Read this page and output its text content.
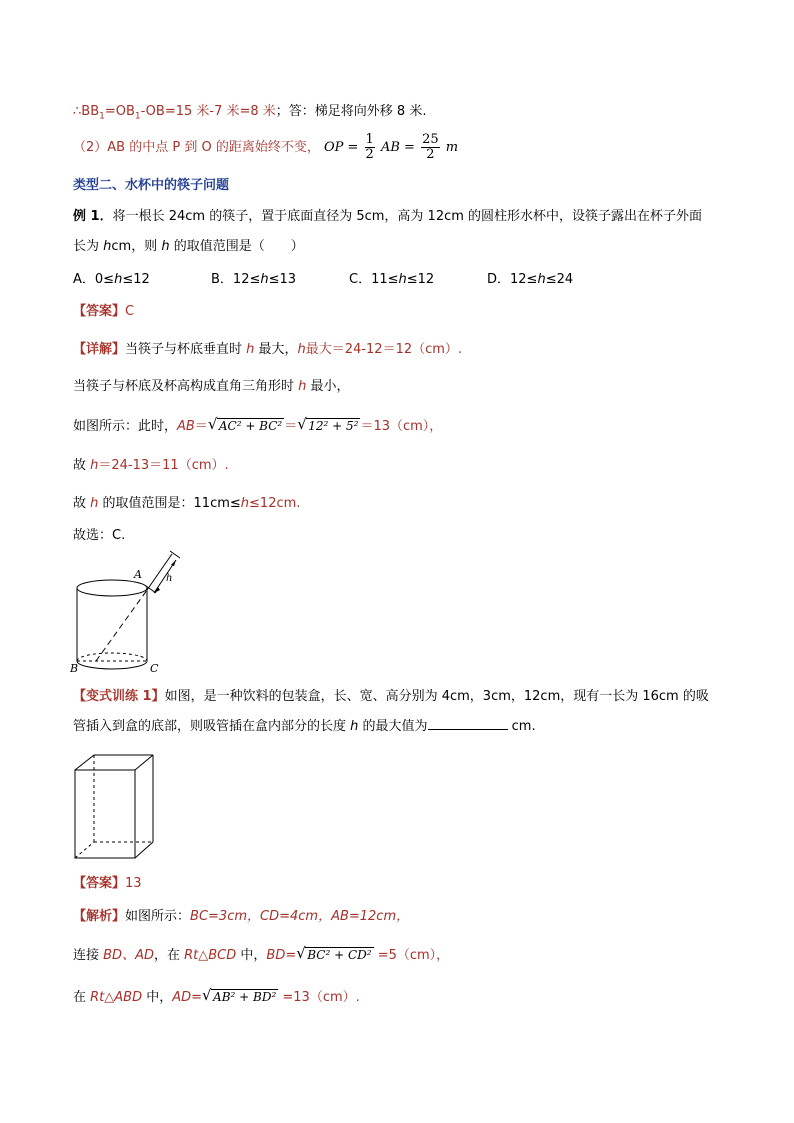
$\therefore BB_1=OB_1-OB=15$ 米-7 米=8 米；答：梯足将向外移 8 米.
（2）AB 的中点 P 到 O 的距离始终不变， OP = $\frac{1}{2}$ AB = $\frac{25}{2}$ m
类型二、水杯中的筷子问题
例 1．将一根长 24cm 的筷子，置于底面直径为 5cm，高为 12cm 的圆柱形水杯中，设筷子露出在杯子外面
长为 hcm，则 h 的取值范围是（　　）
A．0≤h≤12	B．12≤h≤13	C．11≤h≤12	D．12≤h≤24
【答案】C
【详解】当筷子与杯底垂直时 h 最大，h最大＝24-12＝12（cm）.
当筷子与杯底及杯高构成直角三角形时 h 最小，
如图所示：此时，AB＝ √ AC² + BC² ＝ √ 12² + 5² ＝13（cm），
故 h＝24-13＝11（cm）.
故 h 的取值范围是：11cm≤h≤12cm.
故选：C.
A h
B	C
【变式训练 1】如图，是一种饮料的包装盒，长、宽、高分别为 4cm，3cm，12cm，现有一长为 16cm 的吸
管插入到盒的底部，则吸管插在盒内部分的长度 h 的最大值为	cm.
【答案】13
【解析】如图所示：BC=3cm，CD=4cm，AB=12cm，
连接 BD、AD，在 Rt△BCD 中，BD= √ BC² + CD² =5（cm），
在 Rt△ABD 中，AD= √ AB² + BD² =13（cm）.
